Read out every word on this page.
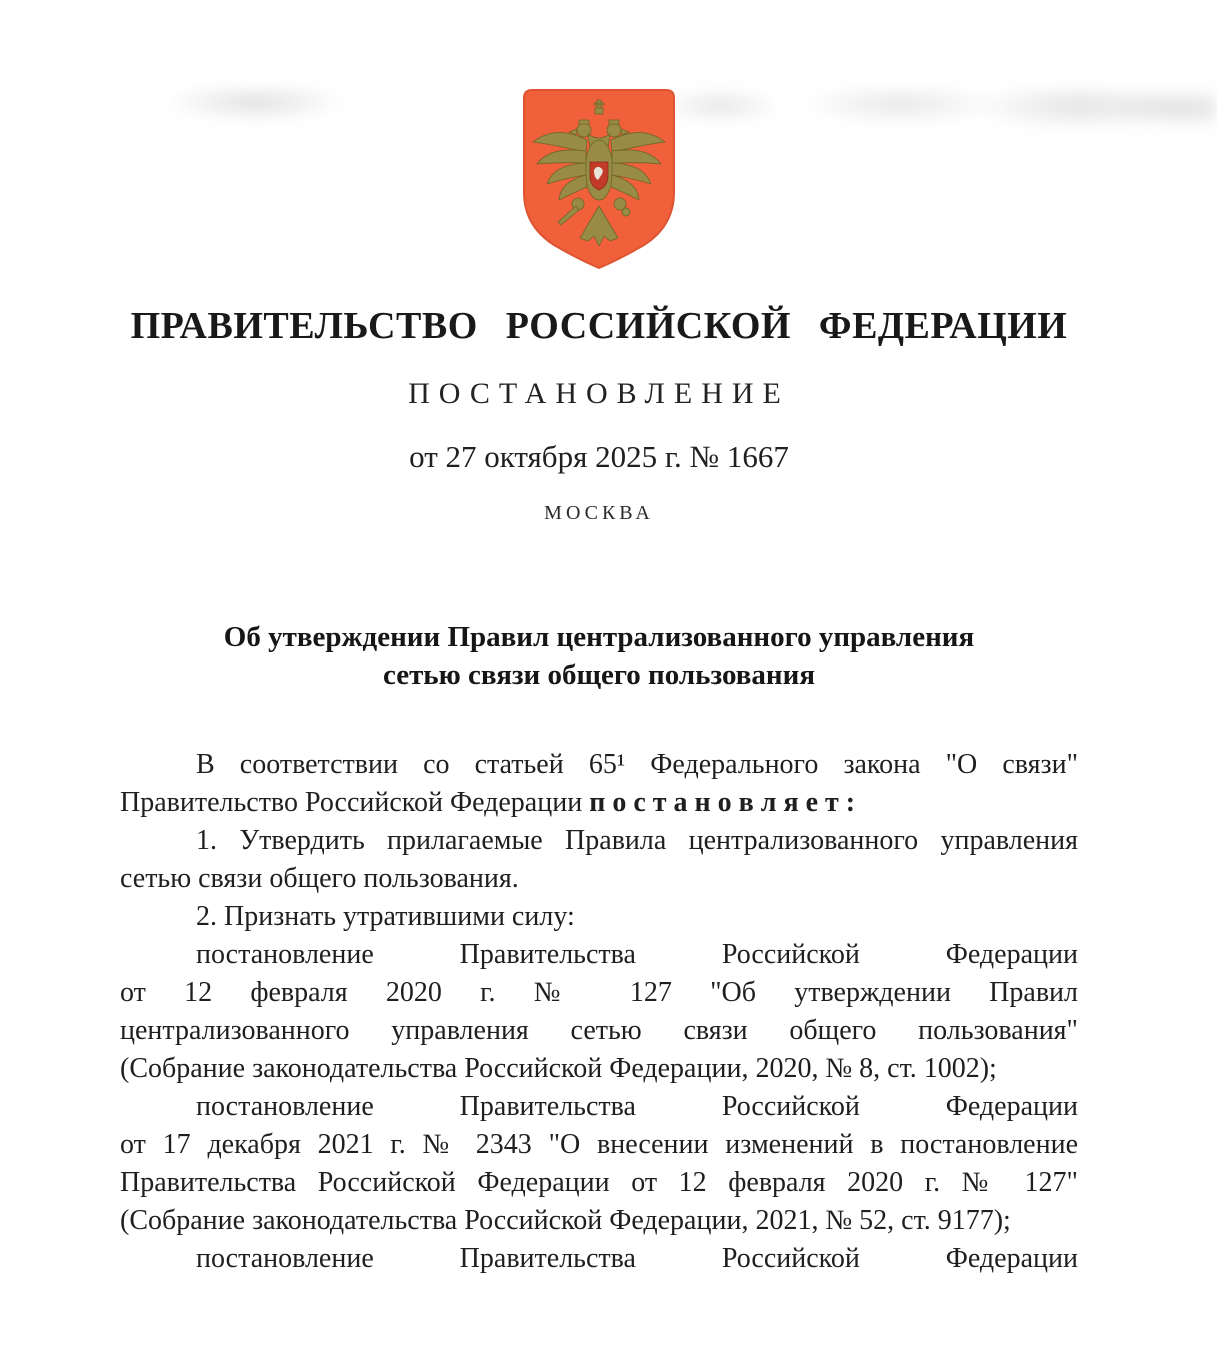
ПРАВИТЕЛЬСТВО РОССИЙСКОЙ ФЕДЕРАЦИИ
ПОСТАНОВЛЕНИЕ
от 27 октября 2025 г. № 1667
МОСКВА
Об утверждении Правил централизованного управления
сетью связи общего пользования
В соответствии со статьей 65¹ Федерального закона "О связи"
Правительство Российской Федерации п о с т а н о в л я е т :
1. Утвердить прилагаемые Правила централизованного управления
сетью связи общего пользования.
2. Признать утратившими силу:
постановление Правительства Российской Федерации
от 12 февраля 2020 г. № 127 "Об утверждении Правил
централизованного управления сетью связи общего пользования"
(Собрание законодательства Российской Федерации, 2020, № 8, ст. 1002);
постановление Правительства Российской Федерации
от 17 декабря 2021 г. № 2343 "О внесении изменений в постановление
Правительства Российской Федерации от 12 февраля 2020 г. № 127"
(Собрание законодательства Российской Федерации, 2021, № 52, ст. 9177);
постановление Правительства Российской Федерации
